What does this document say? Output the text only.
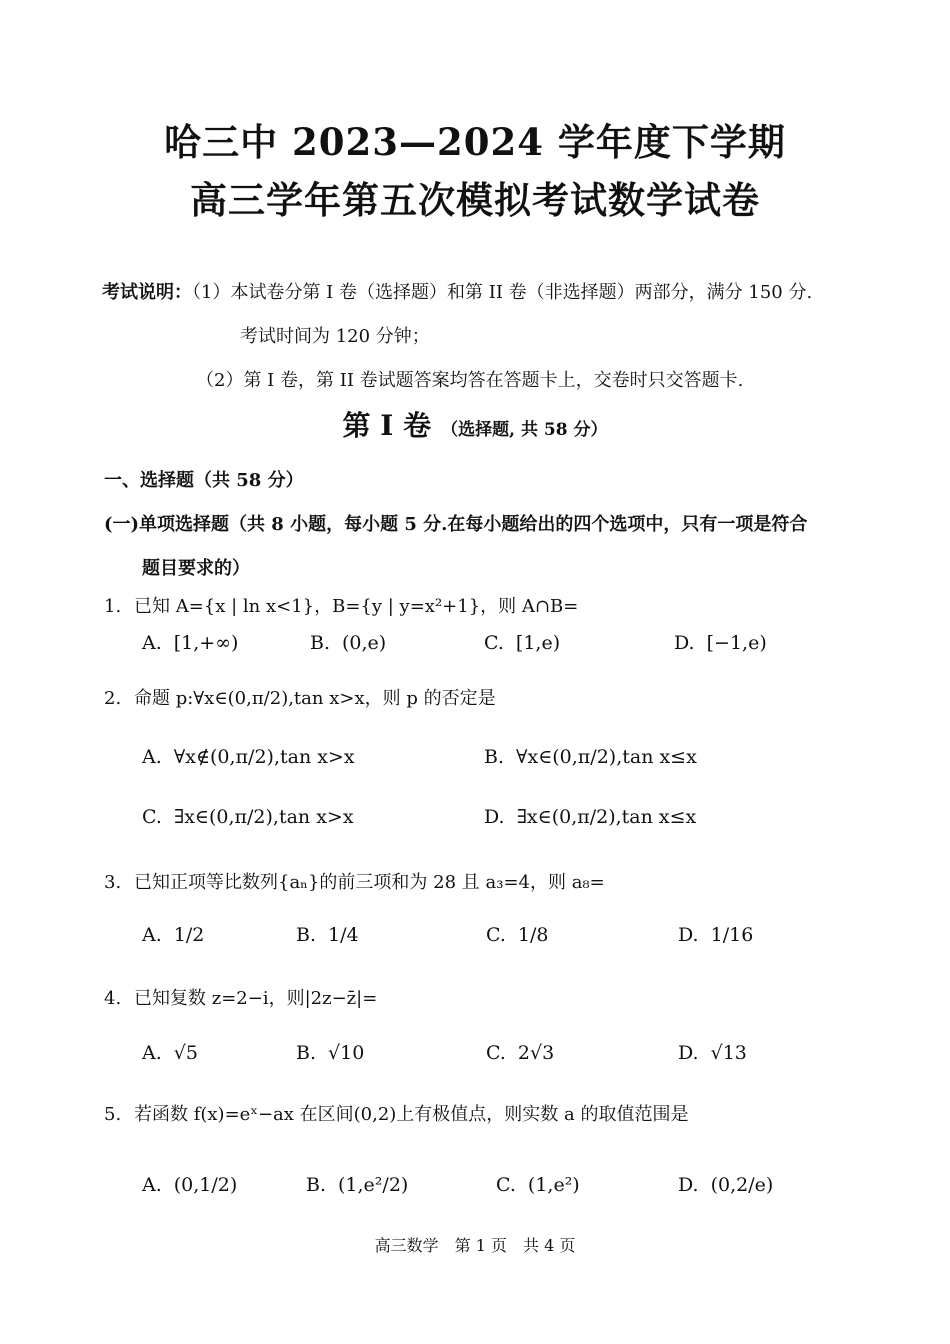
哈三中 2023—2024 学年度下学期
高三学年第五次模拟考试数学试卷
考试说明：（1）本试卷分第 I 卷（选择题）和第 II 卷（非选择题）两部分，满分 150 分.
考试时间为 120 分钟；
（2）第 I 卷，第 II 卷试题答案均答在答题卡上，交卷时只交答题卡.
第 I 卷 （选择题, 共 58 分）
一、选择题（共 58 分）
(一)单项选择题（共 8 小题，每小题 5 分.在每小题给出的四个选项中，只有一项是符合
题目要求的）
1. 已知 A={x | ln x<1}，B={y | y=x²+1}，则 A∩B=
A. [1,+∞)	B. (0,e)	C. [1,e)	D. [−1,e)
2. 命题 p:∀x∈(0,π/2),tan x>x，则 p 的否定是
A. ∀x∉(0,π/2),tan x>x	B. ∀x∈(0,π/2),tan x≤x
C. ∃x∈(0,π/2),tan x>x	D. ∃x∈(0,π/2),tan x≤x
3. 已知正项等比数列{aₙ}的前三项和为 28 且 a₃=4，则 a₈=
A. 1/2	B. 1/4	C. 1/8	D. 1/16
4. 已知复数 z=2−i，则|2z−z̄|=
A. √5	B. √10	C. 2√3	D. √13
5. 若函数 f(x)=eˣ−ax 在区间(0,2)上有极值点，则实数 a 的取值范围是
A. (0,1/2)	B. (1,e²/2)	C. (1,e²)	D. (0,2/e)
高三数学　第 1 页　共 4 页
